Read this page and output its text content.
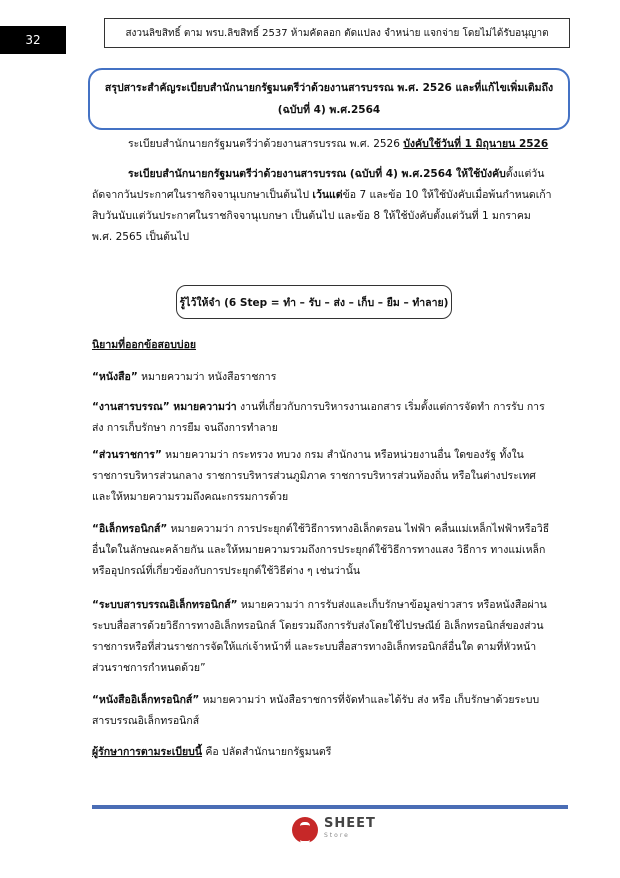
32	สงวนลิขสิทธิ์ ตาม พรบ.ลิขสิทธิ์ 2537 ห้ามคัดลอก ตัดแปลง จำหน่าย แจกจ่าย โดยไม่ได้รับอนุญาต
สรุปสาระสำคัญระเบียบสำนักนายกรัฐมนตรีว่าด้วยงานสารบรรณ พ.ศ. 2526 และที่แก้ไขเพิ่มเติมถึง
(ฉบับที่ 4) พ.ศ.2564
ระเบียบสำนักนายกรัฐมนตรีว่าด้วยงานสารบรรณ พ.ศ. 2526 บังคับใช้วันที่ 1 มิถุนายน 2526
ระเบียบสำนักนายกรัฐมนตรีว่าด้วยงานสารบรรณ (ฉบับที่ 4) พ.ศ.2564 ให้ใช้บังคับตั้งแต่วันถัดจากวันประกาศในราชกิจจานุเบกษาเป็นต้นไป เว้นแต่ข้อ 7 และข้อ 10 ให้ใช้บังคับเมื่อพ้นกำหนดเก้าสิบวันนับแต่วันประกาศในราชกิจจานุเบกษา เป็นต้นไป และข้อ 8 ให้ใช้บังคับตั้งแต่วันที่ 1 มกราคม พ.ศ. 2565 เป็นต้นไป
รู้ไว้ให้จำ (6 Step = ทำ – รับ – ส่ง – เก็บ – ยืม – ทำลาย)
นิยามที่ออกข้อสอบบ่อย
“หนังสือ” หมายความว่า หนังสือราชการ
“งานสารบรรณ” หมายความว่า งานที่เกี่ยวกับการบริหารงานเอกสาร เริ่มตั้งแต่การจัดทำ การรับ การส่ง การเก็บรักษา การยืม จนถึงการทำลาย
“ส่วนราชการ” หมายความว่า กระทรวง ทบวง กรม สำนักงาน หรือหน่วยงานอื่น ใดของรัฐ ทั้งในราชการบริหารส่วนกลาง ราชการบริหารส่วนภูมิภาค ราชการบริหารส่วนท้องถิ่น หรือในต่างประเทศ และให้หมายความรวมถึงคณะกรรมการด้วย
“อิเล็กทรอนิกส์” หมายความว่า การประยุกต์ใช้วิธีการทางอิเล็กตรอน ไฟฟ้า คลื่นแม่เหล็กไฟฟ้าหรือวิธีอื่นใดในลักษณะคล้ายกัน และให้หมายความรวมถึงการประยุกต์ใช้วิธีการทางแสง วิธีการ ทางแม่เหล็ก หรืออุปกรณ์ที่เกี่ยวข้องกับการประยุกต์ใช้วิธีต่าง ๆ เช่นว่านั้น
“ระบบสารบรรณอิเล็กทรอนิกส์” หมายความว่า การรับส่งและเก็บรักษาข้อมูลข่าวสาร หรือหนังสือผ่านระบบสื่อสารด้วยวิธีการทางอิเล็กทรอนิกส์ โดยรวมถึงการรับส่งโดยใช้ไปรษณีย์ อิเล็กทรอนิกส์ของส่วนราชการหรือที่ส่วนราชการจัดให้แก่เจ้าหน้าที่ และระบบสื่อสารทางอิเล็กทรอนิกส์อื่นใด ตามที่หัวหน้าส่วนราชการกำหนดด้วย”
“หนังสืออิเล็กทรอนิกส์” หมายความว่า หนังสือราชการที่จัดทำและได้รับ ส่ง หรือ เก็บรักษาด้วยระบบสารบรรณอิเล็กทรอนิกส์
ผู้รักษาการตามระเบียบนี้ คือ ปลัดสำนักนายกรัฐมนตรี
SHEET
Store
